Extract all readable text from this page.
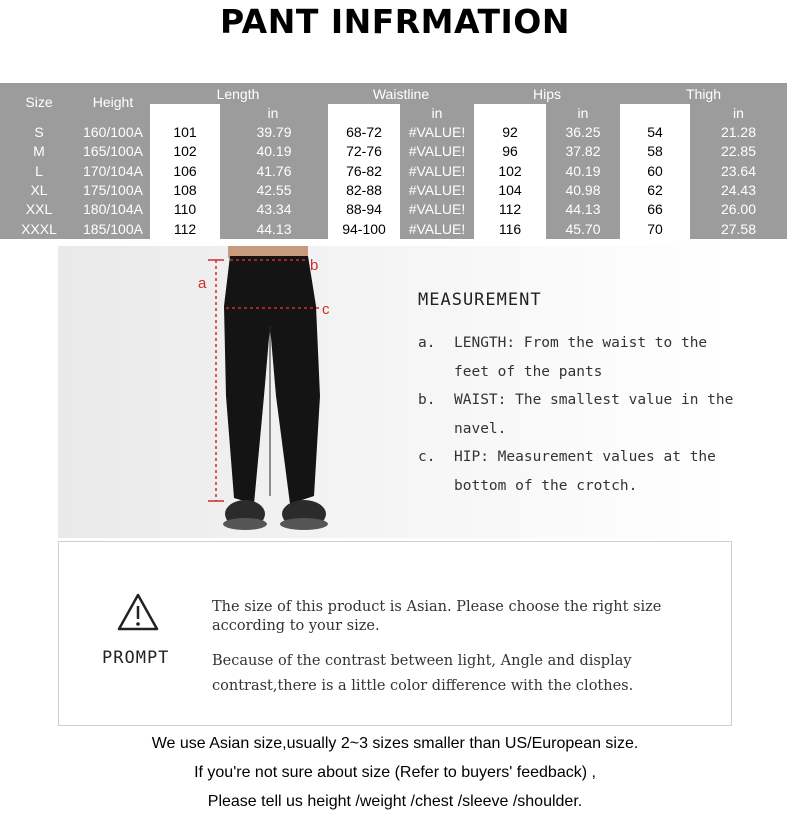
PANT INFRMATION
Size	Height	Length	Waistline	Hips	Thigh
in	in	in	in
S	160/100A	101	39.79	68-72	#VALUE!	92	36.25	54	21.28
M	165/100A	102	40.19	72-76	#VALUE!	96	37.82	58	22.85
L	170/104A	106	41.76	76-82	#VALUE!	102	40.19	60	23.64
XL	175/100A	108	42.55	82-88	#VALUE!	104	40.98	62	24.43
XXL	180/104A	110	43.34	88-94	#VALUE!	112	44.13	66	26.00
XXXL	185/100A	112	44.13	94-100	#VALUE!	116	45.70	70	27.58
a
b
c	MEASUREMENT
a. LENGTH: From the waist to the feet of the pants
b. WAIST: The smallest value in the navel.
c. HIP: Measurement values at the bottom of the crotch.
PROMPT
The size of this product is Asian. Please choose the right size according to your size.
Because of the contrast between light, Angle and display contrast,there is a little color difference with the clothes.
We use Asian size,usually 2~3 sizes smaller than US/European size.
If you're not sure about size (Refer to buyers' feedback) ,
Please tell us height /weight /chest /sleeve /shoulder.
